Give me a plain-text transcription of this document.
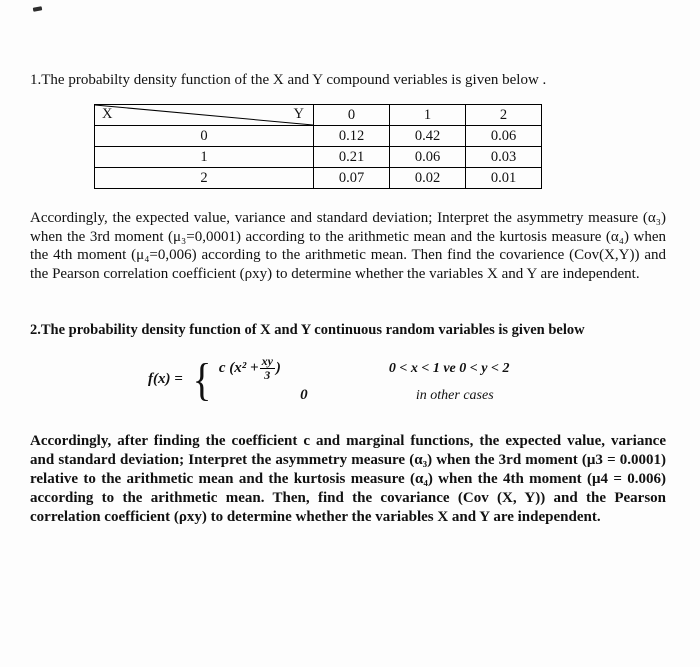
1.The probabilty density function of the X and Y compound veriables is given below .

X Y	0	1	2
0	0.12	0.42	0.06
1	0.21	0.06	0.03
2	0.07	0.02	0.01

Accordingly, the expected value, variance and standard deviation; Interpret the asymmetry measure (α₃) when the 3rd moment (μ₃=0,0001) according to the arithmetic mean and the kurtosis measure (α₄) when the 4th moment (μ₄=0,006) according to the arithmetic mean. Then find the covarience (Cov(X,Y)) and the Pearson correlation coefficient (ρxy) to determine whether the variables X and Y are independent.

2.The probability density function of X and Y continuous random variables is given below

f(x) = { c ($x^2 + \frac{xy}{3}$ )	0 < x < 1 ve 0 < y < 2
0	in other cases

Accordingly, after finding the coefficient c and marginal functions, the expected value, variance and standard deviation; Interpret the asymmetry measure (α₃) when the 3rd moment (μ3 = 0.0001) relative to the arithmetic mean and the kurtosis measure (α₄) when the 4th moment (μ4 = 0.006) according to the arithmetic mean. Then, find the covariance (Cov (X, Y)) and the Pearson correlation coefficient (ρxy) to determine whether the variables X and Y are independent.
